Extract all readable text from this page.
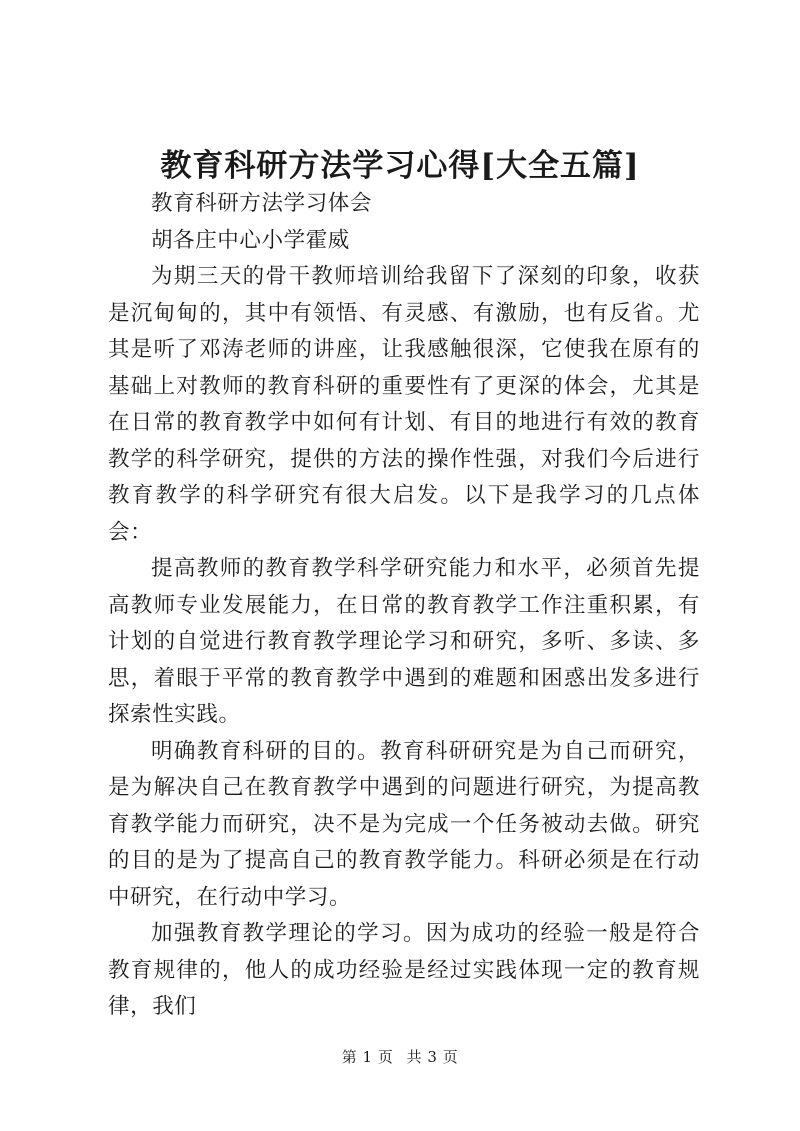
教育科研方法学习心得[大全五篇]

教育科研方法学习体会

胡各庄中心小学霍威

为期三天的骨干教师培训给我留下了深刻的印象，收获是沉甸甸的，其中有领悟、有灵感、有激励，也有反省。尤其是听了邓涛老师的讲座，让我感触很深，它使我在原有的基础上对教师的教育科研的重要性有了更深的体会，尤其是在日常的教育教学中如何有计划、有目的地进行有效的教育教学的科学研究，提供的方法的操作性强，对我们今后进行教育教学的科学研究有很大启发。以下是我学习的几点体会：

提高教师的教育教学科学研究能力和水平，必须首先提高教师专业发展能力，在日常的教育教学工作注重积累，有计划的自觉进行教育教学理论学习和研究，多听、多读、多思，着眼于平常的教育教学中遇到的难题和困惑出发多进行探索性实践。

明确教育科研的目的。教育科研研究是为自己而研究，是为解决自己在教育教学中遇到的问题进行研究，为提高教育教学能力而研究，决不是为完成一个任务被动去做。研究的目的是为了提高自己的教育教学能力。科研必须是在行动中研究，在行动中学习。

加强教育教学理论的学习。因为成功的经验一般是符合教育规律的，他人的成功经验是经过实践体现一定的教育规律，我们

第 1 页 共 3 页
